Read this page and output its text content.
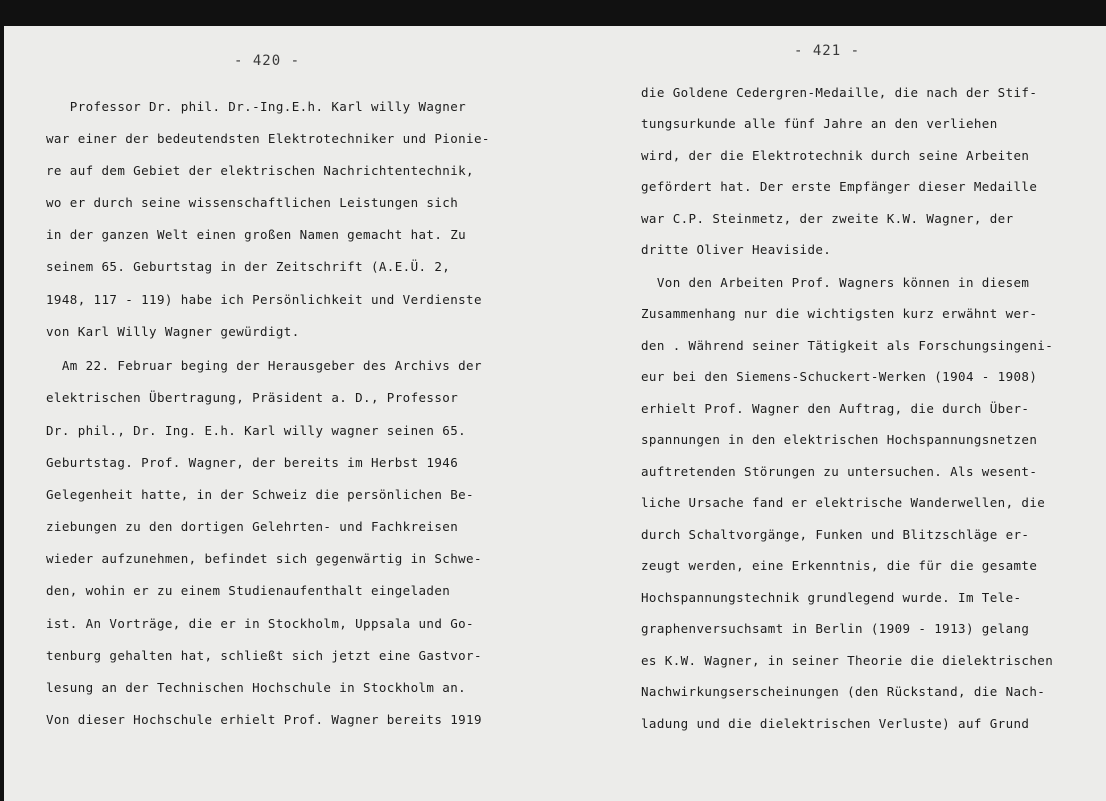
- 420 -
- 421 -
Professor Dr. phil. Dr.-Ing.E.h. Karl willy Wagner
war einer der bedeutendsten Elektrotechniker und Pionie-
re auf dem Gebiet der elektrischen Nachrichtentechnik,
wo er durch seine wissenschaftlichen Leistungen sich
in der ganzen Welt einen großen Namen gemacht hat. Zu
seinem 65. Geburtstag in der Zeitschrift (A.E.Ü. 2,
1948, 117 - 119) habe ich Persönlichkeit und Verdienste
von Karl Willy Wagner gewürdigt.
Am 22. Februar beging der Herausgeber des Archivs der
elektrischen Übertragung, Präsident a. D., Professor
Dr. phil., Dr. Ing. E.h. Karl willy wagner seinen 65.
Geburtstag. Prof. Wagner, der bereits im Herbst 1946
Gelegenheit hatte, in der Schweiz die persönlichen Be-
ziebungen zu den dortigen Gelehrten- und Fachkreisen
wieder aufzunehmen, befindet sich gegenwärtig in Schwe-
den, wohin er zu einem Studienaufenthalt eingeladen
ist. An Vorträge, die er in Stockholm, Uppsala und Go-
tenburg gehalten hat, schließt sich jetzt eine Gastvor-
lesung an der Technischen Hochschule in Stockholm an.
Von dieser Hochschule erhielt Prof. Wagner bereits 1919
die Goldene Cedergren-Medaille, die nach der Stif-
tungsurkunde alle fünf Jahre an den verliehen
wird, der die Elektrotechnik durch seine Arbeiten
gefördert hat. Der erste Empfänger dieser Medaille
war C.P. Steinmetz, der zweite K.W. Wagner, der
dritte Oliver Heaviside.
Von den Arbeiten Prof. Wagners können in diesem
Zusammenhang nur die wichtigsten kurz erwähnt wer-
den . Während seiner Tätigkeit als Forschungsingeni-
eur bei den Siemens-Schuckert-Werken (1904 - 1908)
erhielt Prof. Wagner den Auftrag, die durch Über-
spannungen in den elektrischen Hochspannungsnetzen
auftretenden Störungen zu untersuchen. Als wesent-
liche Ursache fand er elektrische Wanderwellen, die
durch Schaltvorgänge, Funken und Blitzschläge er-
zeugt werden, eine Erkenntnis, die für die gesamte
Hochspannungstechnik grundlegend wurde. Im Tele-
graphenversuchsamt in Berlin (1909 - 1913) gelang
es K.W. Wagner, in seiner Theorie die dielektrischen
Nachwirkungserscheinungen (den Rückstand, die Nach-
ladung und die dielektrischen Verluste) auf Grund
